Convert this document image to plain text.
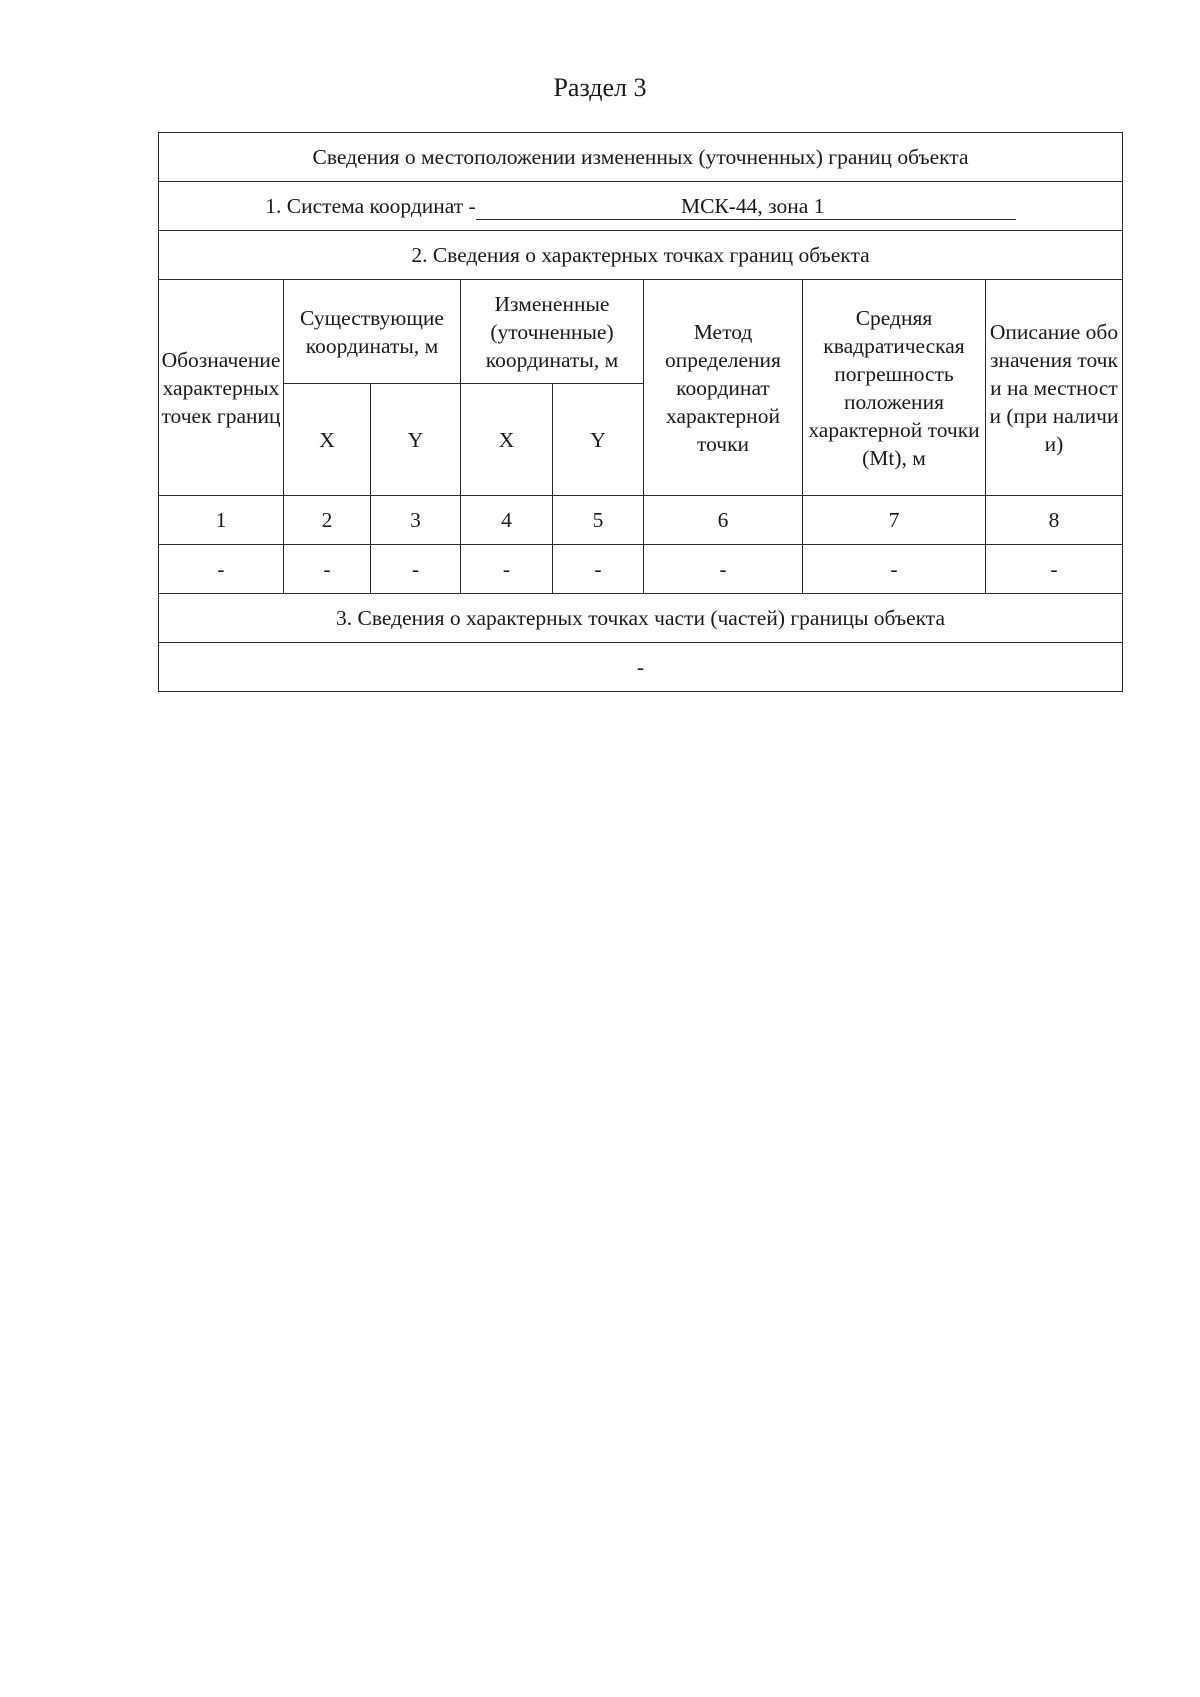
Раздел 3
Сведения о местоположении измененных (уточненных) границ объекта							
1. Система координат - МСК-44, зона 1							
2. Сведения о характерных точках границ объекта							
Обозначение характерных точек границ	Существующие координаты, м		Измененные (уточненные) координаты, м		Метод определения координат характерной точки	Средняя квадратическая погрешность положения характерной точки (Mt), м	Описание обозначения точки на местности (при наличии)
	X	Y	X	Y			
1	2	3	4	5	6	7	8
-	-	-	-	-	-	-	-
3. Сведения о характерных точках части (частей) границы объекта							
-							
